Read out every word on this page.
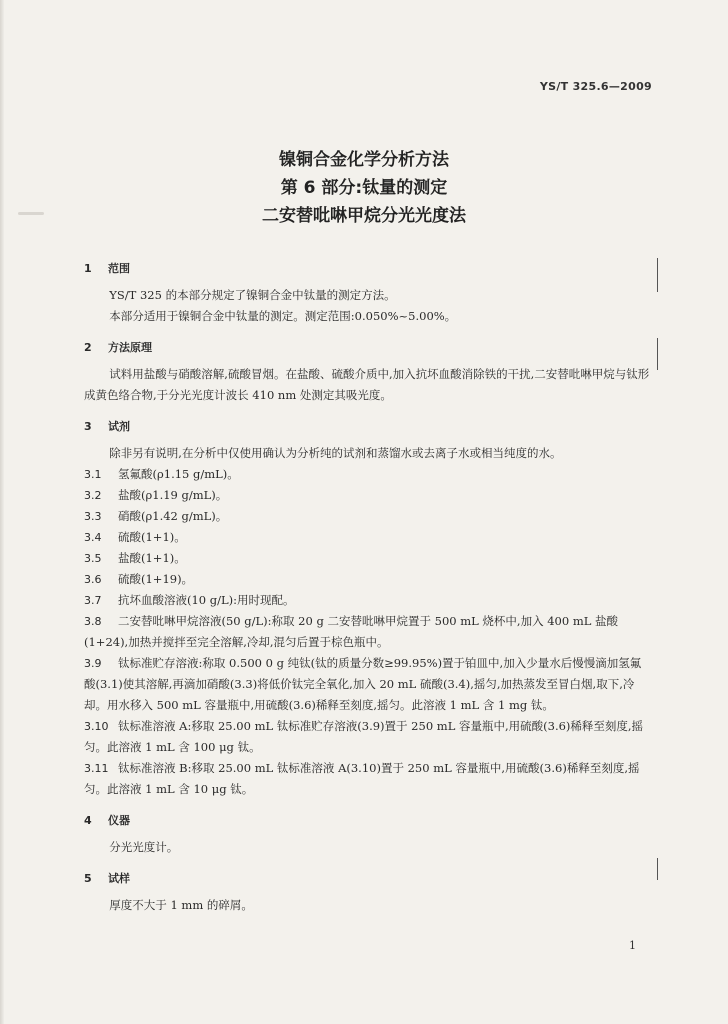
YS/T 325.6—2009
镍铜合金化学分析方法
第 6 部分:钛量的测定
二安替吡啉甲烷分光光度法
1 范围

YS/T 325 的本部分规定了镍铜合金中钛量的测定方法。

本部分适用于镍铜合金中钛量的测定。测定范围:0.050%~5.00%。

2 方法原理

试料用盐酸与硝酸溶解,硫酸冒烟。在盐酸、硫酸介质中,加入抗坏血酸消除铁的干扰,二安替吡啉甲烷与钛形成黄色络合物,于分光光度计波长 410 nm 处测定其吸光度。

3 试剂

除非另有说明,在分析中仅使用确认为分析纯的试剂和蒸馏水或去离子水或相当纯度的水。

3.1	氢氟酸(ρ1.15 g/mL)。
3.2	盐酸(ρ1.19 g/mL)。
3.3	硝酸(ρ1.42 g/mL)。
3.4	硫酸(1+1)。
3.5	盐酸(1+1)。
3.6	硫酸(1+19)。
3.7	抗坏血酸溶液(10 g/L):用时现配。

3.8 二安替吡啉甲烷溶液(50 g/L):称取 20 g 二安替吡啉甲烷置于 500 mL 烧杯中,加入 400 mL 盐酸(1+24),加热并搅拌至完全溶解,冷却,混匀后置于棕色瓶中。

3.9 钛标准贮存溶液:称取 0.500 0 g 纯钛(钛的质量分数≥99.95%)置于铂皿中,加入少量水后慢慢滴加氢氟酸(3.1)使其溶解,再滴加硝酸(3.3)将低价钛完全氧化,加入 20 mL 硫酸(3.4),摇匀,加热蒸发至冒白烟,取下,冷却。用水移入 500 mL 容量瓶中,用硫酸(3.6)稀释至刻度,摇匀。此溶液 1 mL 含 1 mg 钛。

3.10 钛标准溶液 A:移取 25.00 mL 钛标准贮存溶液(3.9)置于 250 mL 容量瓶中,用硫酸(3.6)稀释至刻度,摇匀。此溶液 1 mL 含 100 μg 钛。

3.11 钛标准溶液 B:移取 25.00 mL 钛标准溶液 A(3.10)置于 250 mL 容量瓶中,用硫酸(3.6)稀释至刻度,摇匀。此溶液 1 mL 含 10 μg 钛。

4 仪器

分光光度计。

5 试样

厚度不大于 1 mm 的碎屑。

1
